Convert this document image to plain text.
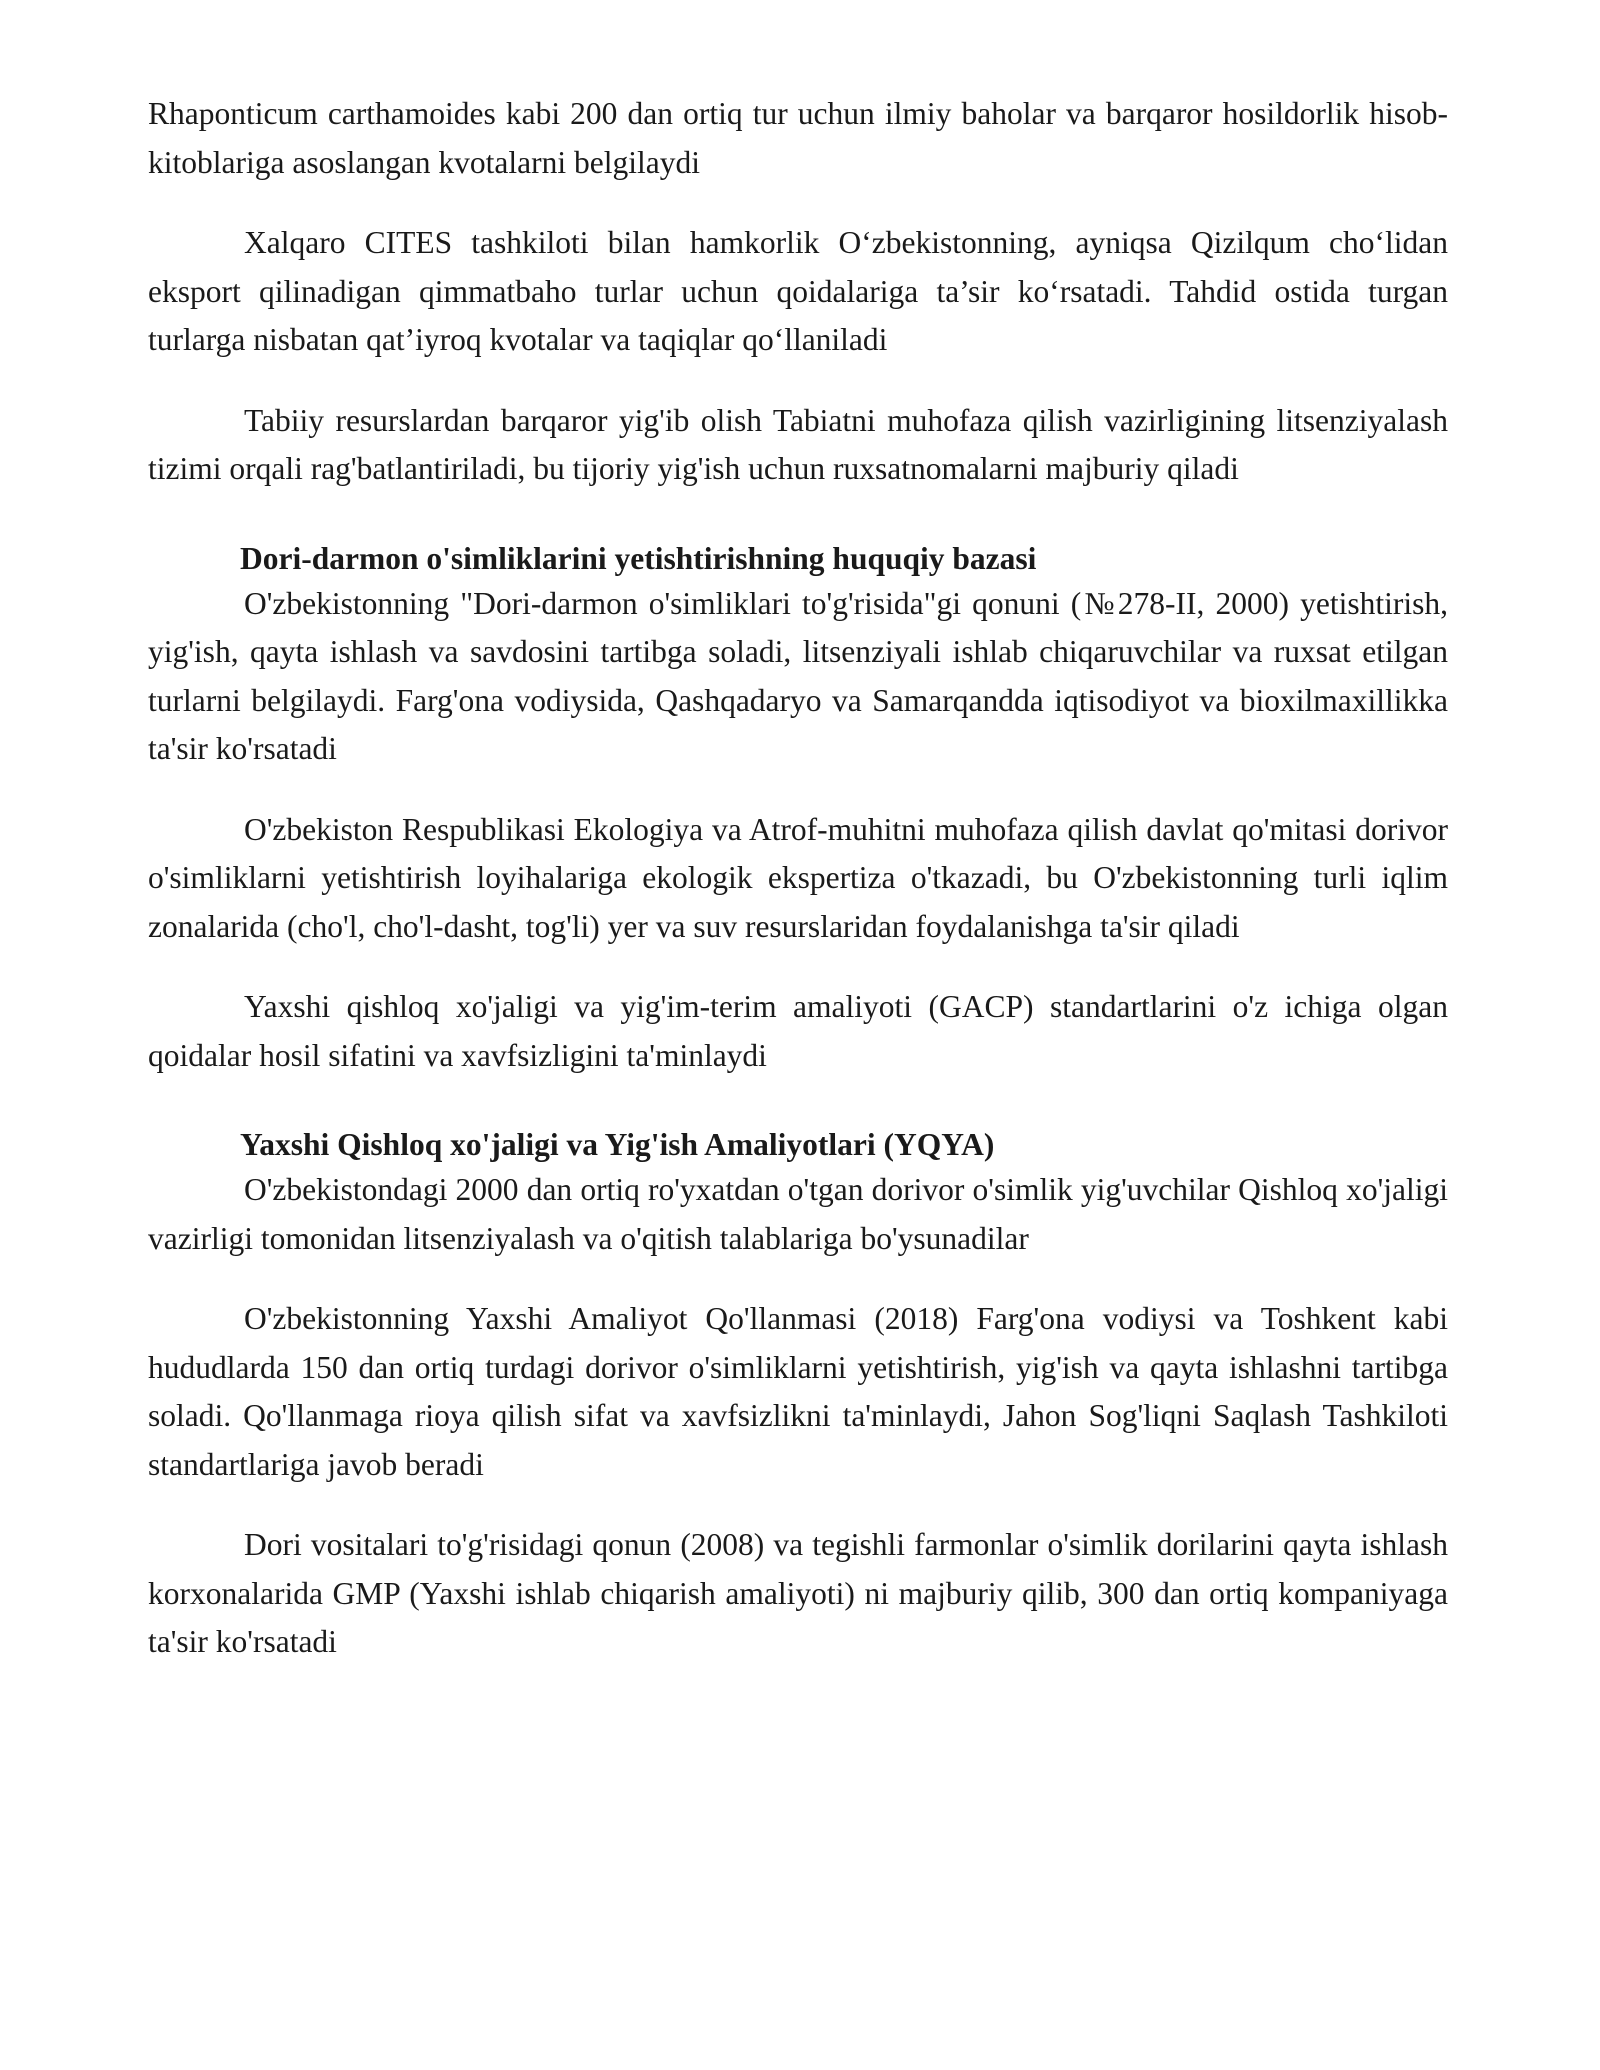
Rhaponticum carthamoides kabi 200 dan ortiq tur uchun ilmiy baholar va barqaror hosildorlik hisob-kitoblariga asoslangan kvotalarni belgilaydi

Xalqaro CITES tashkiloti bilan hamkorlik O‘zbekistonning, ayniqsa Qizilqum cho‘lidan eksport qilinadigan qimmatbaho turlar uchun qoidalariga ta’sir ko‘rsatadi. Tahdid ostida turgan turlarga nisbatan qat’iyroq kvotalar va taqiqlar qo‘llaniladi

Tabiiy resurslardan barqaror yig'ib olish Tabiatni muhofaza qilish vazirligining litsenziyalash tizimi orqali rag'batlantiriladi, bu tijoriy yig'ish uchun ruxsatnomalarni majburiy qiladi

Dori-darmon o'simliklarini yetishtirishning huquqiy bazasi

O'zbekistonning "Dori-darmon o'simliklari to'g'risida"gi qonuni (№278-II, 2000) yetishtirish, yig'ish, qayta ishlash va savdosini tartibga soladi, litsenziyali ishlab chiqaruvchilar va ruxsat etilgan turlarni belgilaydi. Farg'ona vodiysida, Qashqadaryo va Samarqandda iqtisodiyot va bioxilmaxillikka ta'sir ko'rsatadi

O'zbekiston Respublikasi Ekologiya va Atrof-muhitni muhofaza qilish davlat qo'mitasi dorivor o'simliklarni yetishtirish loyihalariga ekologik ekspertiza o'tkazadi, bu O'zbekistonning turli iqlim zonalarida (cho'l, cho'l-dasht, tog'li) yer va suv resurslaridan foydalanishga ta'sir qiladi

Yaxshi qishloq xo'jaligi va yig'im-terim amaliyoti (GACP) standartlarini o'z ichiga olgan qoidalar hosil sifatini va xavfsizligini ta'minlaydi

Yaxshi Qishloq xo'jaligi va Yig'ish Amaliyotlari (YQYA)

O'zbekistondagi 2000 dan ortiq ro'yxatdan o'tgan dorivor o'simlik yig'uvchilar Qishloq xo'jaligi vazirligi tomonidan litsenziyalash va o'qitish talablariga bo'ysunadilar

O'zbekistonning Yaxshi Amaliyot Qo'llanmasi (2018) Farg'ona vodiysi va Toshkent kabi hududlarda 150 dan ortiq turdagi dorivor o'simliklarni yetishtirish, yig'ish va qayta ishlashni tartibga soladi. Qo'llanmaga rioya qilish sifat va xavfsizlikni ta'minlaydi, Jahon Sog'liqni Saqlash Tashkiloti standartlariga javob beradi

Dori vositalari to'g'risidagi qonun (2008) va tegishli farmonlar o'simlik dorilarini qayta ishlash korxonalarida GMP (Yaxshi ishlab chiqarish amaliyoti) ni majburiy qilib, 300 dan ortiq kompaniyaga ta'sir ko'rsatadi
